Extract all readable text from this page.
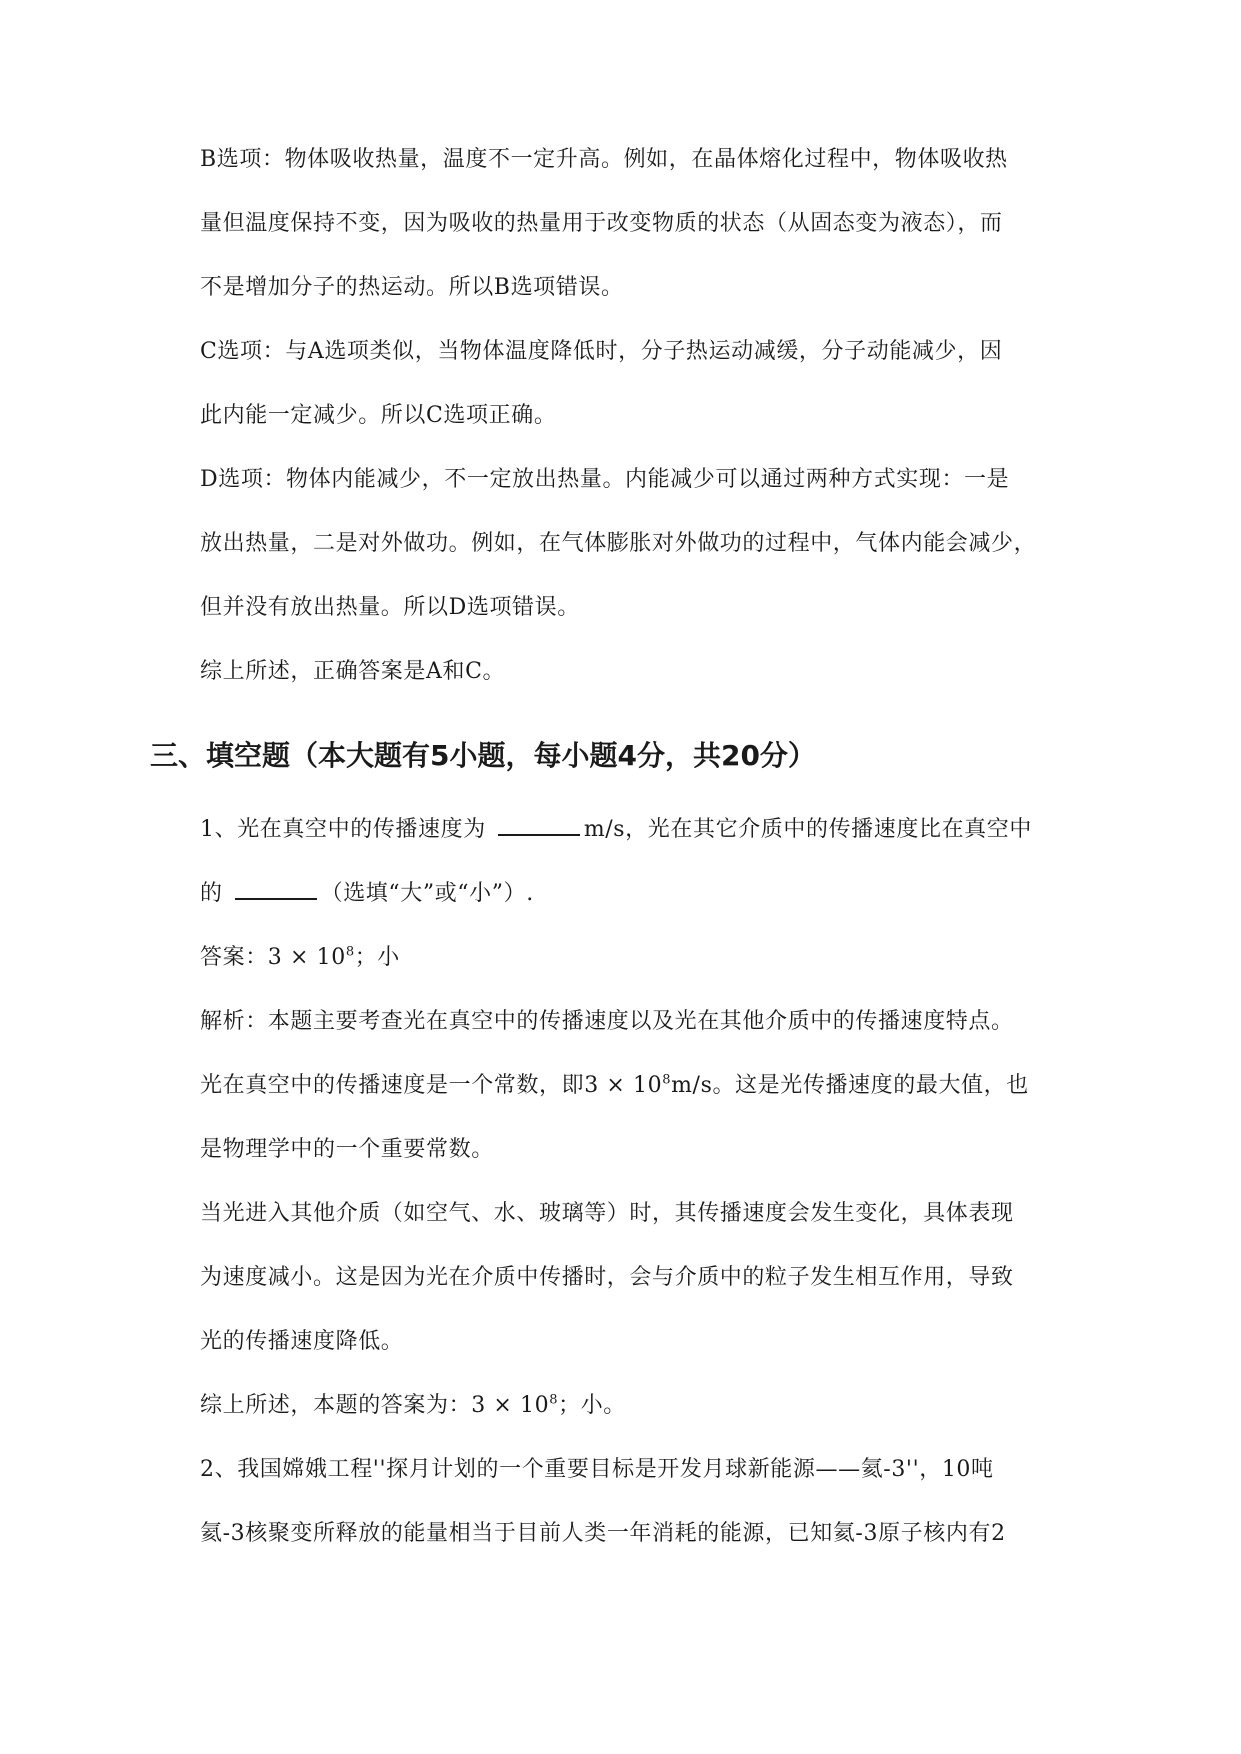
B选项：物体吸收热量，温度不一定升高。例如，在晶体熔化过程中，物体吸收热
量但温度保持不变，因为吸收的热量用于改变物质的状态（从固态变为液态），而
不是增加分子的热运动。所以B选项错误。
C选项：与A选项类似，当物体温度降低时，分子热运动减缓，分子动能减少，因
此内能一定减少。所以C选项正确。
D选项：物体内能减少，不一定放出热量。内能减少可以通过两种方式实现：一是
放出热量，二是对外做功。例如，在气体膨胀对外做功的过程中，气体内能会减少，
但并没有放出热量。所以D选项错误。
综上所述，正确答案是A和C。
三、填空题（本大题有5小题，每小题4分，共20分）
1、光在真空中的传播速度为	m/s，光在其它介质中的传播速度比在真空中
的	（选填“大”或“小”）.
答案：$3 \times 10^8$；小
解析：本题主要考查光在真空中的传播速度以及光在其他介质中的传播速度特点。
光在真空中的传播速度是一个常数，即$3 \times 10^8m/s$。这是光传播速度的最大值，也
是物理学中的一个重要常数。
当光进入其他介质（如空气、水、玻璃等）时，其传播速度会发生变化，具体表现
为速度减小。这是因为光在介质中传播时，会与介质中的粒子发生相互作用，导致
光的传播速度降低。
综上所述，本题的答案为：$3 \times 10^8$；小。
2、我国嫦娥工程''探月计划的一个重要目标是开发月球新能源——氦-3''，10吨
氦-3核聚变所释放的能量相当于目前人类一年消耗的能源，已知氦-3原子核内有2
